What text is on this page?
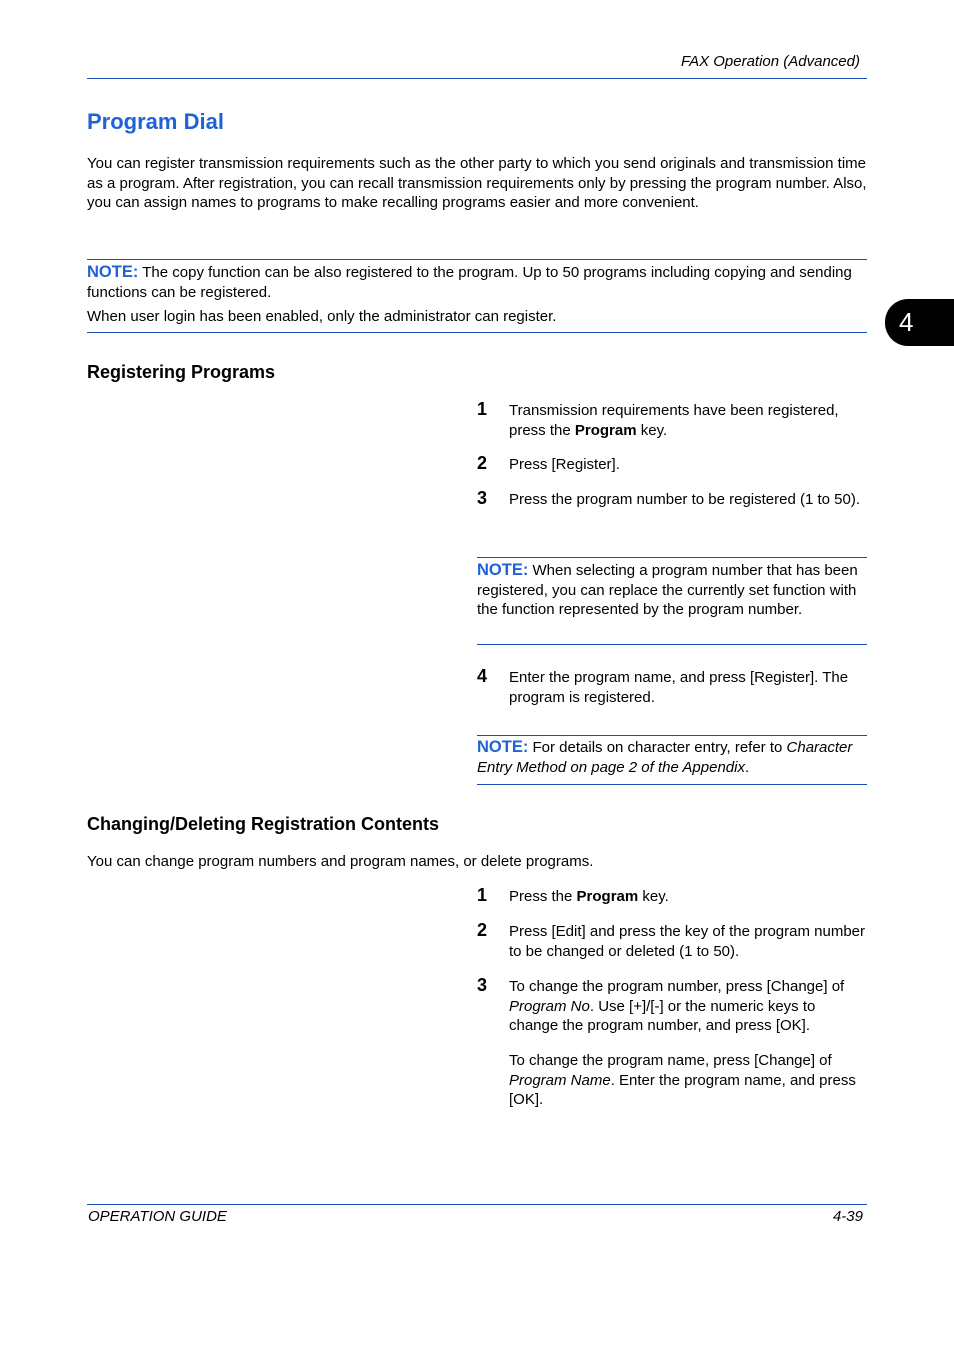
FAX Operation (Advanced)
Program Dial
You can register transmission requirements such as the other party to which you send originals and transmission time as a program. After registration, you can recall transmission requirements only by pressing the program number. Also, you can assign names to programs to make recalling programs easier and more convenient.
NOTE: The copy function can be also registered to the program. Up to 50 programs including copying and sending functions can be registered.
When user login has been enabled, only the administrator can register.	4
Registering Programs
1 Transmission requirements have been registered, press the Program key.
2 Press [Register].
3 Press the program number to be registered (1 to 50).
NOTE: When selecting a program number that has been registered, you can replace the currently set function with the function represented by the program number.
4 Enter the program name, and press [Register]. The program is registered.
NOTE: For details on character entry, refer to Character Entry Method on page 2 of the Appendix.
Changing/Deleting Registration Contents
You can change program numbers and program names, or delete programs.
1 Press the Program key.
2 Press [Edit] and press the key of the program number to be changed or deleted (1 to 50).
3 To change the program number, press [Change] of Program No. Use [+]/[-] or the numeric keys to change the program number, and press [OK].
To change the program name, press [Change] of Program Name. Enter the program name, and press [OK].
OPERATION GUIDE	4-39
